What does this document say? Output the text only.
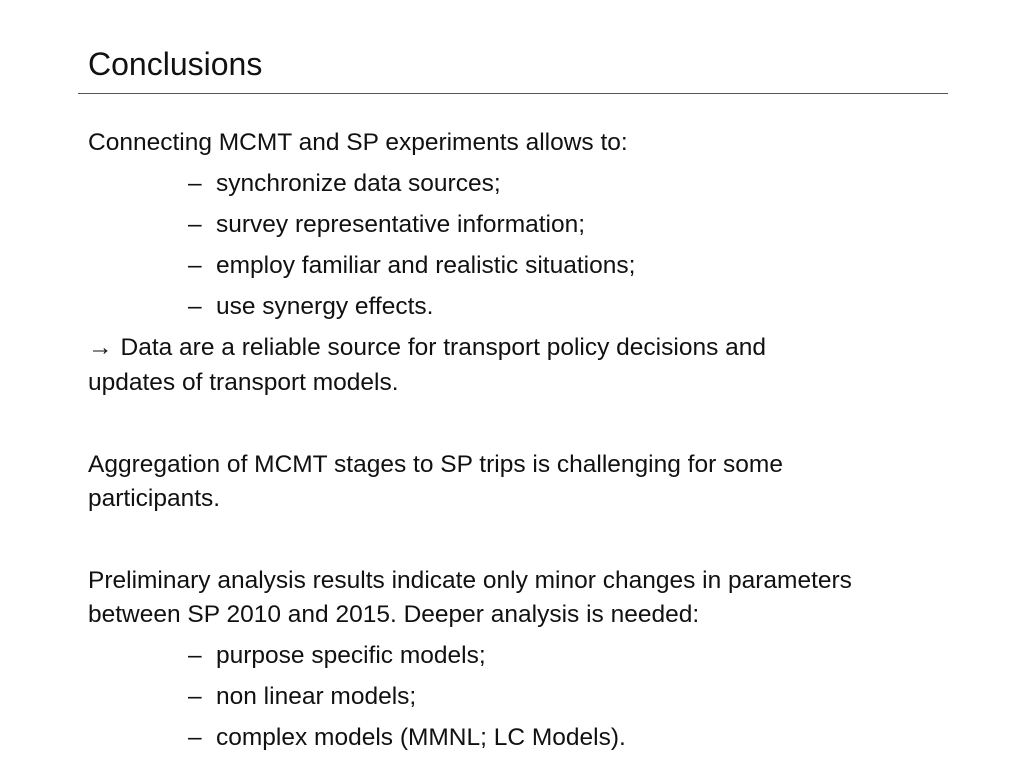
Conclusions

Connecting MCMT and SP experiments allows to:

– synchronize data sources;

– survey representative information;

– employ familiar and realistic situations;

– use synergy effects.

→ Data are a reliable source for transport policy decisions and

updates of transport models.

Aggregation of MCMT stages to SP trips is challenging for some

participants.

Preliminary analysis results indicate only minor changes in parameters

between SP 2010 and 2015. Deeper analysis is needed:

– purpose specific models;

– non linear models;

– complex models (MMNL; LC Models).
